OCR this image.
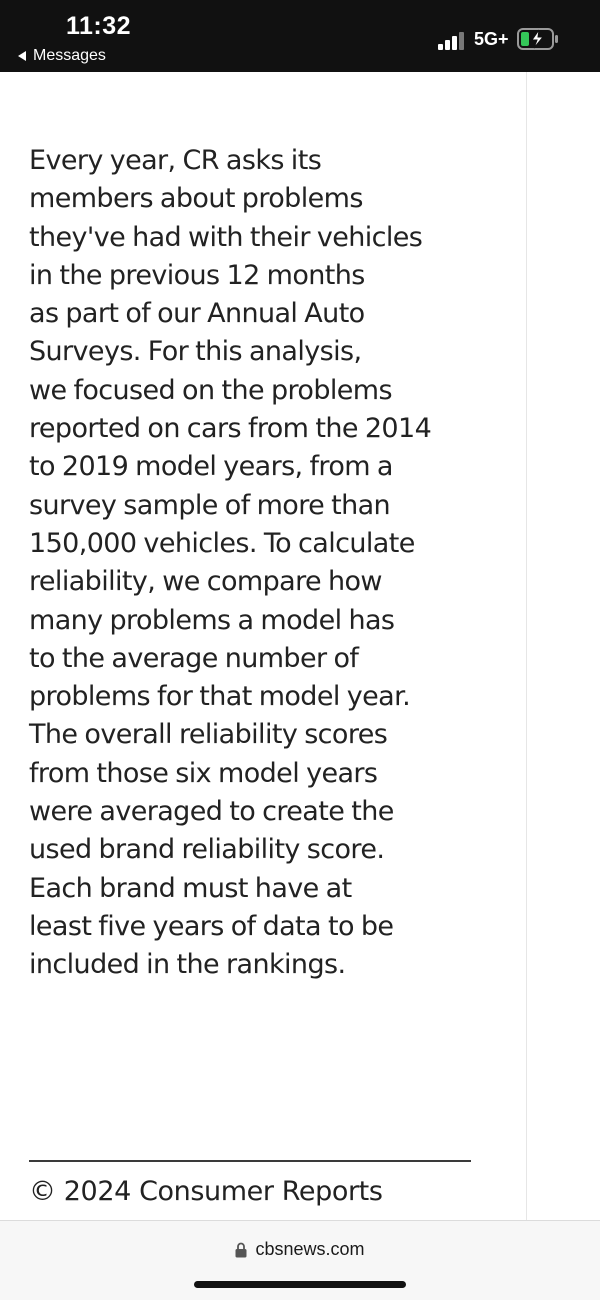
11:32
Messages
5G+

Every year, CR asks its
members about problems
they've had with their vehicles
in the previous 12 months
as part of our Annual Auto
Surveys. For this analysis,
we focused on the problems
reported on cars from the 2014
to 2019 model years, from a
survey sample of more than
150,000 vehicles. To calculate
reliability, we compare how
many problems a model has
to the average number of
problems for that model year.
The overall reliability scores
from those six model years
were averaged to create the
used brand reliability score.
Each brand must have at
least five years of data to be
included in the rankings.

© 2024 Consumer Reports
cbsnews.com
